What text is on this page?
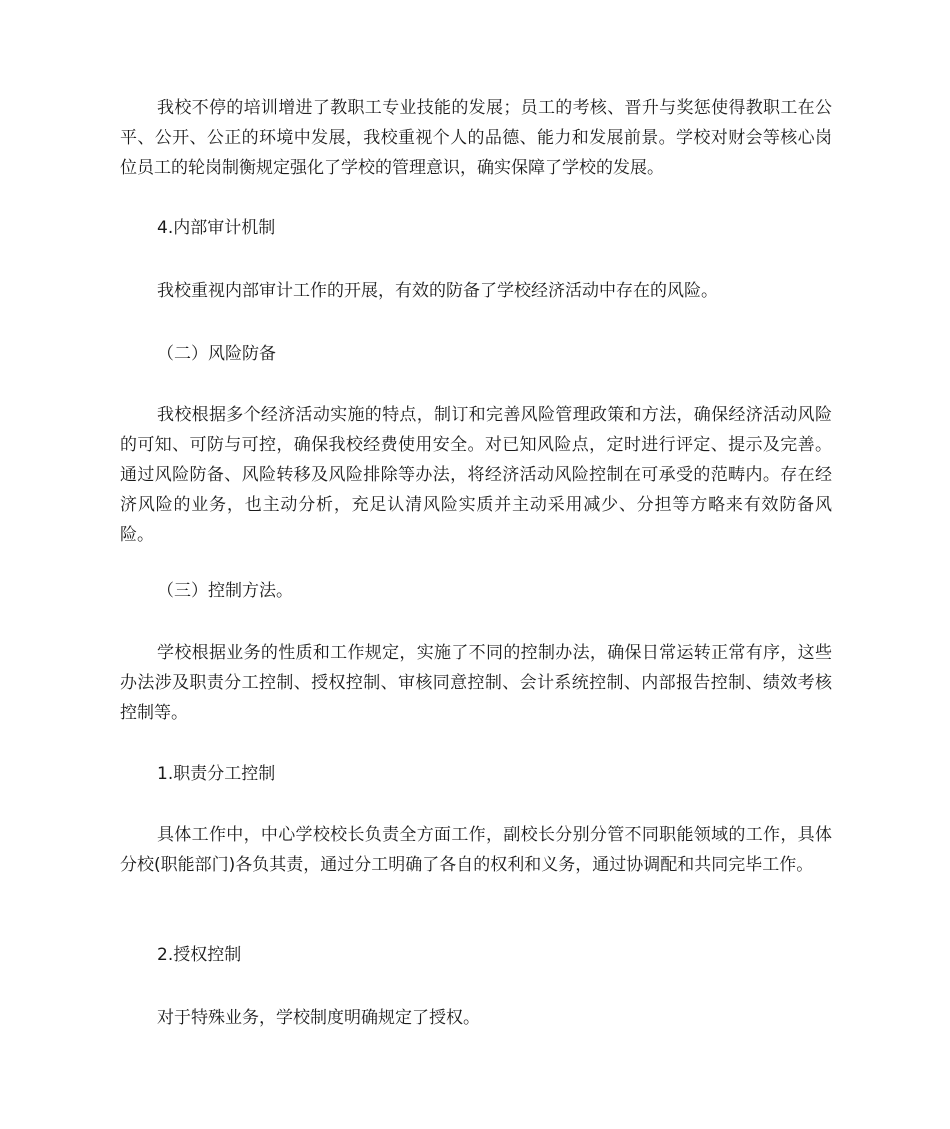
我校不停的培训增进了教职工专业技能的发展；员工的考核、晋升与奖惩使得教职工在公平、公开、公正的环境中发展，我校重视个人的品德、能力和发展前景。学校对财会等核心岗位员工的轮岗制衡规定强化了学校的管理意识，确实保障了学校的发展。

4.内部审计机制

我校重视内部审计工作的开展，有效的防备了学校经济活动中存在的风险。

（二）风险防备

我校根据多个经济活动实施的特点，制订和完善风险管理政策和方法，确保经济活动风险的可知、可防与可控，确保我校经费使用安全。对已知风险点，定时进行评定、提示及完善。通过风险防备、风险转移及风险排除等办法，将经济活动风险控制在可承受的范畴内。存在经济风险的业务，也主动分析，充足认清风险实质并主动采用减少、分担等方略来有效防备风险。

（三）控制方法。

学校根据业务的性质和工作规定，实施了不同的控制办法，确保日常运转正常有序，这些办法涉及职责分工控制、授权控制、审核同意控制、会计系统控制、内部报告控制、绩效考核控制等。

1.职责分工控制

具体工作中，中心学校校长负责全方面工作，副校长分别分管不同职能领域的工作，具体分校(职能部门)各负其责，通过分工明确了各自的权利和义务，通过协调配和共同完毕工作。

2.授权控制

对于特殊业务，学校制度明确规定了授权。
